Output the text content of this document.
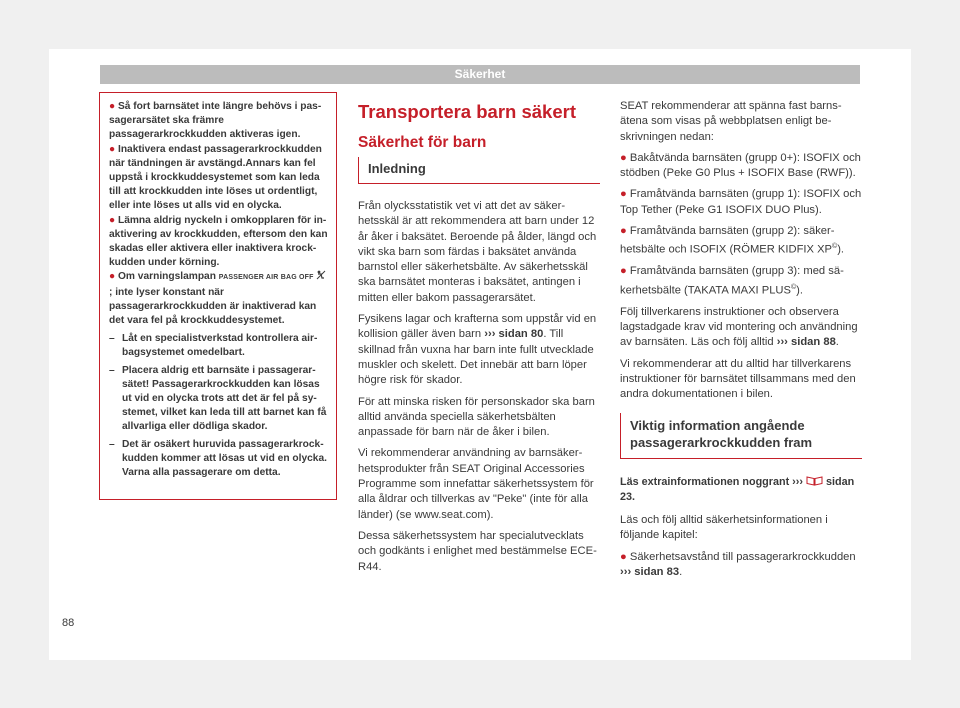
Säkerhet
● Så fort barnsätet inte längre behövs i passagerarsätet ska främre passagerarkrockkudden aktiveras igen.
● Inaktivera endast passagerarkrockkudden när tändningen är avstängd.Annars kan fel uppstå i krockkuddesystemet som kan leda till att krockkudden inte löses ut ordentligt, eller inte löses ut alls vid en olycka.
● Lämna aldrig nyckeln i omkopplaren för inaktivering av krockkudden, eftersom den kan skadas eller aktivera eller inaktivera krockkudden under körning.
● Om varningslampan PASSENGER AIR BAG OFF ; inte lyser konstant när passagerarkrockkudden är inaktiverad kan det vara fel på krockkuddesystemet.
– Låt en specialistverkstad kontrollera airbagsystemet omedelbart.
– Placera aldrig ett barnsäte i passagerarsätet! Passagerarkrockkudden kan lösas ut vid en olycka trots att det är fel på systemet, vilket kan leda till att barnet kan få allvarliga eller dödliga skador.
– Det är osäkert huruvida passagerarkrockkudden kommer att lösas ut vid en olycka. Varna alla passagerare om detta.
Transportera barn säkert
Säkerhet för barn
Inledning

Från olycksstatistik vet vi att det av säkerhetsskäl är att rekommendera att barn under 12 år åker i baksätet. Beroende på ålder, längd och vikt ska barn som färdas i baksätet använda barnstol eller säkerhetsbälte. Av säkerhetsskäl ska barnsätet monteras i baksätet, antingen i mitten eller bakom passagerarsätet.

Fysikens lagar och krafterna som uppstår vid en kollision gäller även barn ››› sidan 80. Till skillnad från vuxna har barn inte fullt utvecklade muskler och skelett. Det innebär att barn löper högre risk för skador.

För att minska risken för personskador ska barn alltid använda speciella säkerhetsbälten anpassade för barn när de åker i bilen.

Vi rekommenderar användning av barnsäkerhetsprodukter från SEAT Original Accessories Programme som innefattar säkerhetssystem för alla åldrar och tillverkas av "Peke" (inte för alla länder) (se www.seat.com).

Dessa säkerhetssystem har specialutvecklats och godkänts i enlighet med bestämmelse ECE-R44.

SEAT rekommenderar att spänna fast barnsätena som visas på webbplatsen enligt beskrivningen nedan:

● Bakåtvända barnsäten (grupp 0+): ISOFIX och stödben (Peke G0 Plus + ISOFIX Base (RWF)).
● Framåtvända barnsäten (grupp 1): ISOFIX och Top Tether (Peke G1 ISOFIX DUO Plus).
● Framåtvända barnsäten (grupp 2): säkerhetsbälte och ISOFIX (RÖMER KIDFIX XP©).
● Framåtvända barnsäten (grupp 3): med säkerhetsbälte (TAKATA MAXI PLUS©).

Följ tillverkarens instruktioner och observera lagstadgade krav vid montering och användning av barnsäten. Läs och följ alltid ››› sidan 88.

Vi rekommenderar att du alltid har tillverkarens instruktioner för barnsätet tillsammans med den andra dokumentationen i bilen.

Viktig information angående passagerarkrockkudden fram
Läs extrainformationen noggrant ››› sidan 23.

Läs och följ alltid säkerhetsinformationen i följande kapitel:

● Säkerhetsavstånd till passagerarkrockkudden ››› sidan 83.
88
